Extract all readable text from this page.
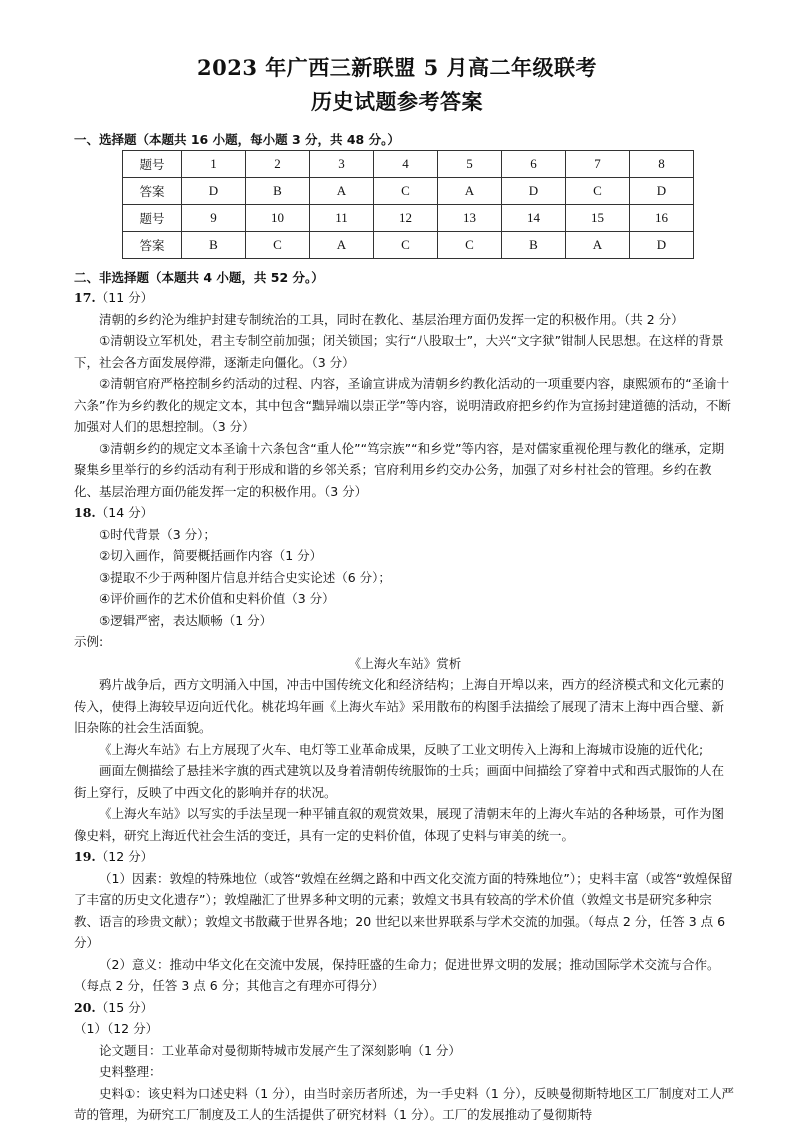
2023 年广西三新联盟 5 月高二年级联考
历史试题参考答案
一、选择题（本题共 16 小题，每小题 3 分，共 48 分。）
题号	1	2	3	4	5	6	7	8
答案	D	B	A	C	A	D	C	D
题号	9	10	11	12	13	14	15	16
答案	B	C	A	C	C	B	A	D
二、非选择题（本题共 4 小题，共 52 分。）

17.（11 分）

清朝的乡约沦为维护封建专制统治的工具，同时在教化、基层治理方面仍发挥一定的积极作用。（共 2 分）

①清朝设立军机处，君主专制空前加强；闭关锁国；实行“八股取士”，大兴“文字狱”钳制人民思想。在这样的背景下，社会各方面发展停滞，逐渐走向僵化。（3 分）

②清朝官府严格控制乡约活动的过程、内容，圣谕宣讲成为清朝乡约教化活动的一项重要内容，康熙颁布的“圣谕十六条”作为乡约教化的规定文本，其中包含“黜异端以崇正学”等内容，说明清政府把乡约作为宣扬封建道德的活动，不断加强对人们的思想控制。（3 分）

③清朝乡约的规定文本圣谕十六条包含“重人伦”“笃宗族”“和乡党”等内容，是对儒家重视伦理与教化的继承，定期聚集乡里举行的乡约活动有利于形成和谐的乡邻关系；官府利用乡约交办公务，加强了对乡村社会的管理。乡约在教化、基层治理方面仍能发挥一定的积极作用。（3 分）

18.（14 分）

①时代背景（3 分）；

②切入画作，简要概括画作内容（1 分）

③提取不少于两种图片信息并结合史实论述（6 分）；

④评价画作的艺术价值和史料价值（3 分）

⑤逻辑严密，表达顺畅（1 分）

示例:

《上海火车站》赏析

鸦片战争后，西方文明涌入中国，冲击中国传统文化和经济结构；上海自开埠以来，西方的经济模式和文化元素的传入，使得上海较早迈向近代化。桃花坞年画《上海火车站》采用散布的构图手法描绘了展现了清末上海中西合璧、新旧杂陈的社会生活面貌。

《上海火车站》右上方展现了火车、电灯等工业革命成果，反映了工业文明传入上海和上海城市设施的近代化;

画面左侧描绘了悬挂米字旗的西式建筑以及身着清朝传统服饰的士兵；画面中间描绘了穿着中式和西式服饰的人在街上穿行，反映了中西文化的影响并存的状况。

《上海火车站》以写实的手法呈现一种平铺直叙的观赏效果，展现了清朝末年的上海火车站的各种场景，可作为图像史料，研究上海近代社会生活的变迁，具有一定的史料价值，体现了史料与审美的统一。

19.（12 分）

（1）因素：敦煌的特殊地位（或答“敦煌在丝绸之路和中西文化交流方面的特殊地位”）；史料丰富（或答“敦煌保留了丰富的历史文化遗存”）；敦煌融汇了世界多种文明的元素；敦煌文书具有较高的学术价值（敦煌文书是研究多种宗教、语言的珍贵文献）；敦煌文书散藏于世界各地；20 世纪以来世界联系与学术交流的加强。（每点 2 分，任答 3 点 6 分）

（2）意义：推动中华文化在交流中发展，保持旺盛的生命力；促进世界文明的发展；推动国际学术交流与合作。（每点 2 分，任答 3 点 6 分；其他言之有理亦可得分）

20.（15 分）

（1）（12 分）

论文题目：工业革命对曼彻斯特城市发展产生了深刻影响（1 分）

史料整理：

史料①：该史料为口述史料（1 分），由当时亲历者所述，为一手史料（1 分），反映曼彻斯特地区工厂制度对工人严苛的管理，为研究工厂制度及工人的生活提供了研究材料（1 分）。工厂的发展推动了曼彻斯特
